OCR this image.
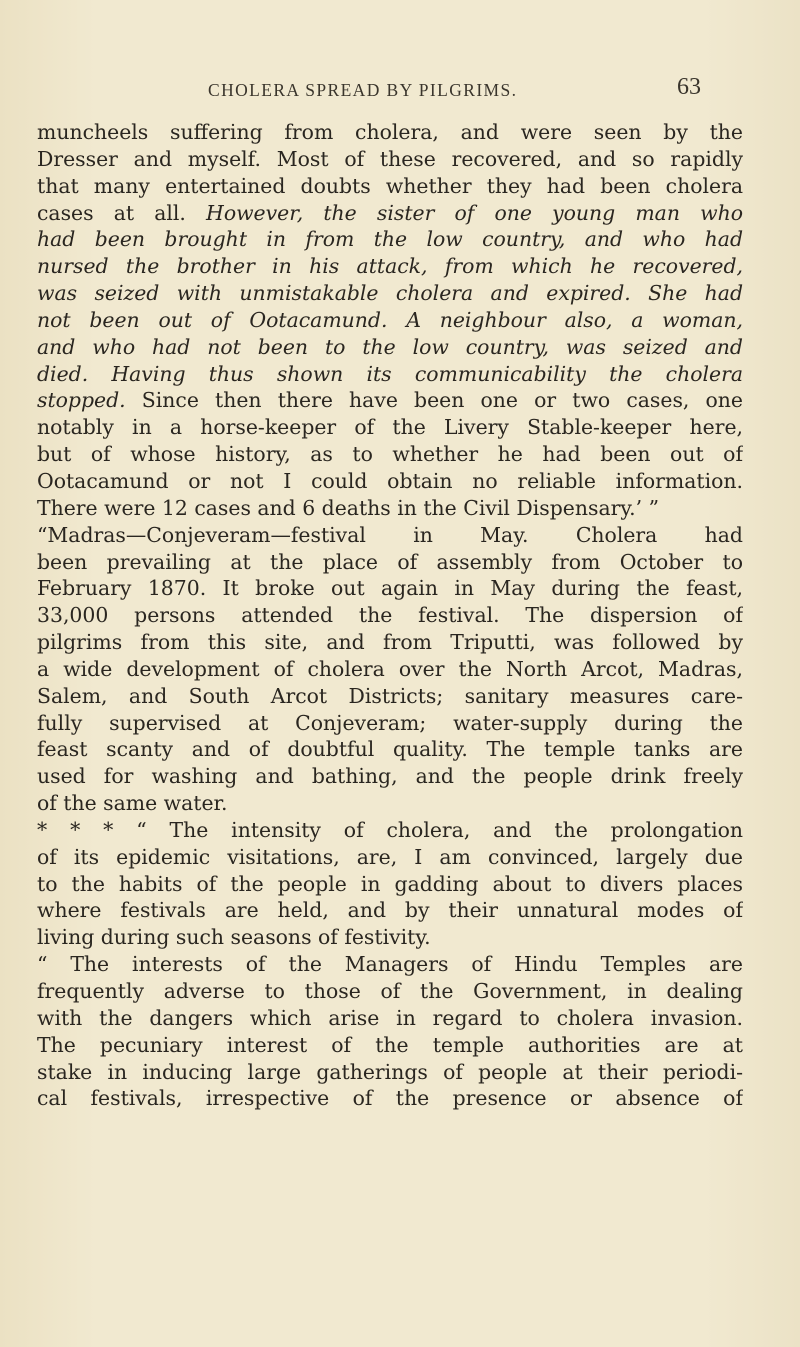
CHOLERA SPREAD BY PILGRIMS.	63
muncheels suffering from cholera, and were seen by the
Dresser and myself. Most of these recovered, and so rapidly
that many entertained doubts whether they had been cholera
cases at all. However, the sister of one young man who
had been brought in from the low country, and who had
nursed the brother in his attack, from which he recovered,
was seized with unmistakable cholera and expired. She had
not been out of Ootacamund. A neighbour also, a woman,
and who had not been to the low country, was seized and
died. Having thus shown its communicability the cholera
stopped. Since then there have been one or two cases, one
notably in a horse-keeper of the Livery Stable-keeper here,
but of whose history, as to whether he had been out of
Ootacamund or not I could obtain no reliable information.
There were 12 cases and 6 deaths in the Civil Dispensary.’ ”
“Madras—Conjeveram—festival in May. Cholera had
been prevailing at the place of assembly from October to
February 1870. It broke out again in May during the feast,
33,000 persons attended the festival. The dispersion of
pilgrims from this site, and from Triputti, was followed by
a wide development of cholera over the North Arcot, Madras,
Salem, and South Arcot Districts; sanitary measures care-
fully supervised at Conjeveram; water-supply during the
feast scanty and of doubtful quality. The temple tanks are
used for washing and bathing, and the people drink freely
of the same water.
* * * “ The intensity of cholera, and the prolongation
of its epidemic visitations, are, I am convinced, largely due
to the habits of the people in gadding about to divers places
where festivals are held, and by their unnatural modes of
living during such seasons of festivity.
“ The interests of the Managers of Hindu Temples are
frequently adverse to those of the Government, in dealing
with the dangers which arise in regard to cholera invasion.
The pecuniary interest of the temple authorities are at
stake in inducing large gatherings of people at their periodi-
cal festivals, irrespective of the presence or absence of
